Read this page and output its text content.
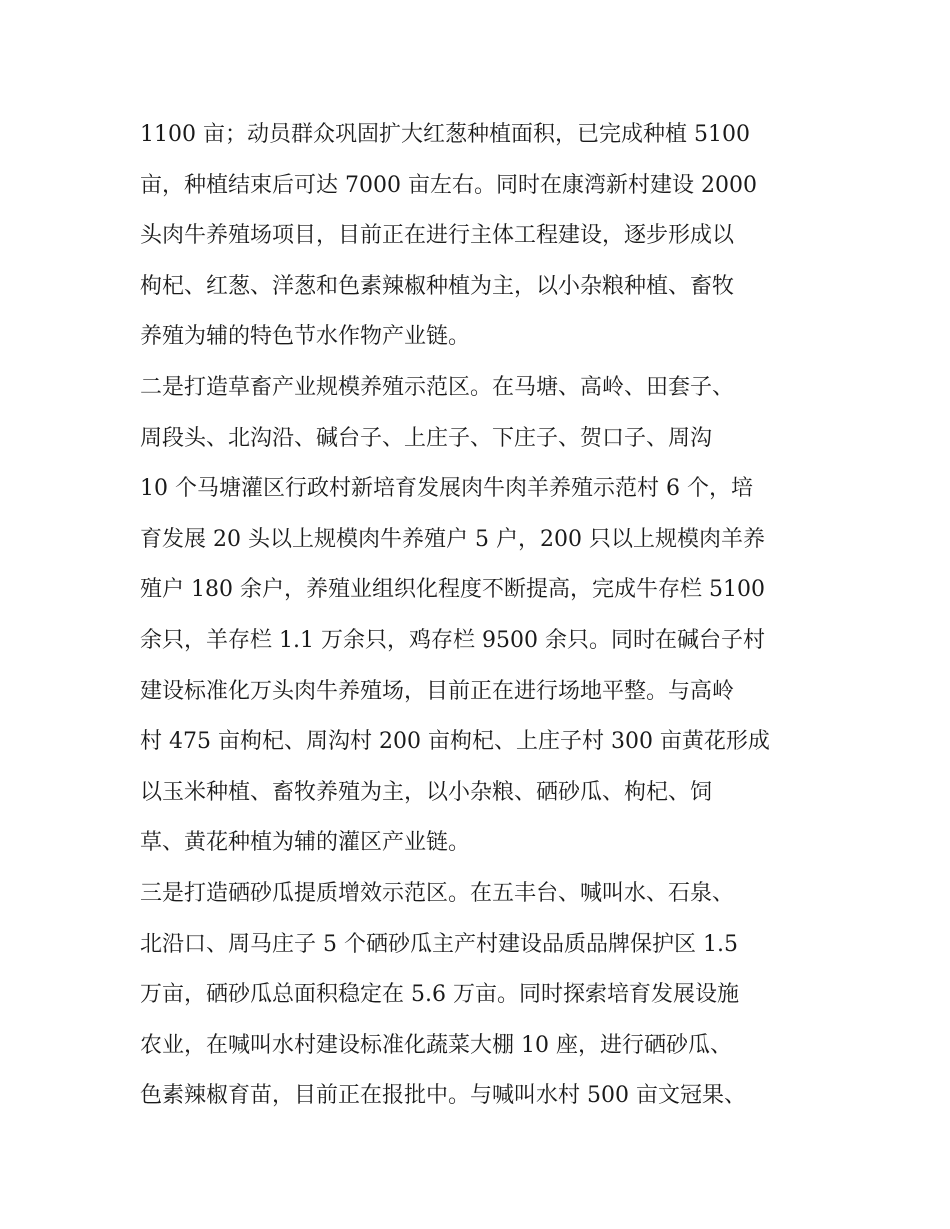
1100 亩；动员群众巩固扩大红葱种植面积，已完成种植 5100
亩，种植结束后可达 7000 亩左右。同时在康湾新村建设 2000
头肉牛养殖场项目，目前正在进行主体工程建设，逐步形成以
枸杞、红葱、洋葱和色素辣椒种植为主，以小杂粮种植、畜牧
养殖为辅的特色节水作物产业链。
二是打造草畜产业规模养殖示范区。在马塘、高岭、田套子、
周段头、北沟沿、碱台子、上庄子、下庄子、贺口子、周沟
10 个马塘灌区行政村新培育发展肉牛肉羊养殖示范村 6 个，培
育发展 20 头以上规模肉牛养殖户 5 户，200 只以上规模肉羊养
殖户 180 余户，养殖业组织化程度不断提高，完成牛存栏 5100
余只，羊存栏 1.1 万余只，鸡存栏 9500 余只。同时在碱台子村
建设标准化万头肉牛养殖场，目前正在进行场地平整。与高岭
村 475 亩枸杞、周沟村 200 亩枸杞、上庄子村 300 亩黄花形成
以玉米种植、畜牧养殖为主，以小杂粮、硒砂瓜、枸杞、饲
草、黄花种植为辅的灌区产业链。
三是打造硒砂瓜提质增效示范区。在五丰台、喊叫水、石泉、
北沿口、周马庄子 5 个硒砂瓜主产村建设品质品牌保护区 1.5
万亩，硒砂瓜总面积稳定在 5.6 万亩。同时探索培育发展设施
农业，在喊叫水村建设标准化蔬菜大棚 10 座，进行硒砂瓜、
色素辣椒育苗，目前正在报批中。与喊叫水村 500 亩文冠果、
